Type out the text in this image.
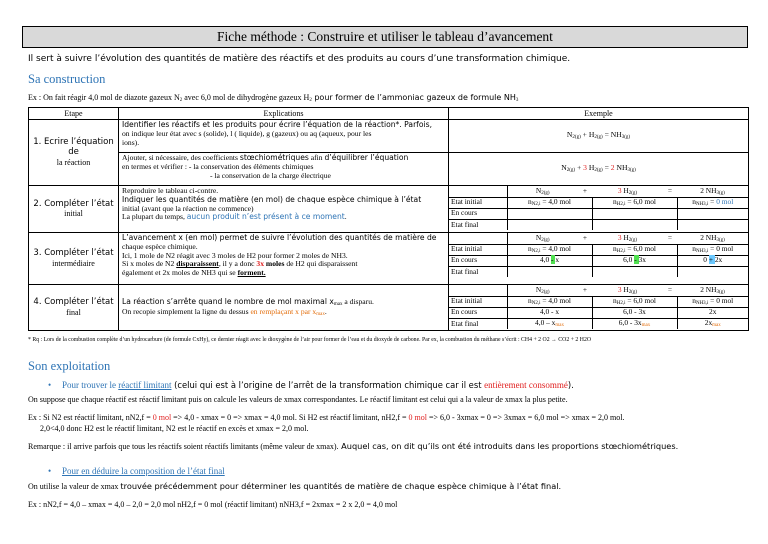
Fiche méthode : Construire et utiliser le tableau d’avancement
Il sert à suivre l’évolution des quantités de matière des réactifs et des produits au cours d’une transformation chimique.
Sa construction
Ex : On fait réagir 4,0 mol de diazote gazeux $N_2$ avec 6,0 mol de dihydrogène gazeux $H_2$ pour former de l’ammoniac gazeux de formule $NH_3$
Etape	Explications	Exemple

1. Ecrire l’équation de
la réaction	
Identifier les réactifs et les produits pour écrire l’équation de la réaction*. Parfois,
on indique leur état avec s (solide), l ( liquide), g (gazeux) ou aq (aqueux, pour les
ions).
	$N_{2(g)} + H_{2(g)} = NH_{3(g)}$

Ajouter, si nécessaire, des coefficients stœchiométriques afin d’équilibrer l’équation
en termes et vérifier : - la conservation des éléments chimiques
- la conservation de la charge électrique
	$N_{2(g)} + 3$ $H_{2(g)} = 2$ $NH_{3(g)}$

2. Compléter l’état
initial	
Reproduire le tableau ci-contre.
Indiquer les quantités de matière (en mol) de chaque espèce chimique à l’état
initial (avant que la réaction ne commence)
La plupart du temps, aucun produit n’est présent à ce moment.

	$N_{2(g)}$	+	3 $H_{2(g)}$	=	2 $NH_{3(g)}$
Etat initial	$n_{N2,i} = 4,0$ mol	$n_{H2,i} = 6,0$ mol	$n_{NH3,i} = 0$ mol
En cours			
Etat final			

3. Compléter l’état
intermédiaire	
L’avancement x (en mol) permet de suivre l’évolution des quantités de matière de
chaque espèce chimique.
Ici, 1 mole de N2 réagit avec 3 moles de H2 pour former 2 moles de NH3.
Si x moles de N2 disparaissent, il y a donc 3x moles de H2 qui disparaissent
également et 2x moles de NH3 qui se forment.

	$N_{2(g)}$	+	3 $H_{2(g)}$	=	2 $NH_{3(g)}$
Etat initial	$n_{N2,i} = 4,0$ mol	$n_{H2,i} = 6,0$ mol	$n_{NH3,i} = 0$ mol
En cours	4,0 - x	6,0 - 3x	0 + 2x
Etat final			

4. Compléter l’état
final	
La réaction s’arrête quand le nombre de mol maximal $x_{max}$ a disparu.
On recopie simplement la ligne du dessus en remplaçant x par $x_{max}$.

	$N_{2(g)}$	+	3 $H_{2(g)}$	=	2 $NH_{3(g)}$
Etat initial	$n_{N2,i} = 4,0$ mol	$n_{H2,i} = 6,0$ mol	$n_{NH3,i} = 0$ mol
En cours	4,0 - x	6,0 - 3x	2x
Etat final	$4,0 - x_{max}$	$6,0 - 3x_{max}$	$2x_{max}$
* Rq : Lors de la combustion complète d’un hydrocarbure (de formule CxHy), ce dernier réagit avec le dioxygène de l’air pour former de l’eau et du dioxyde de carbone. Par ex, la combustion du méthane s’écrit : CH4 + 2 O2 → CO2 + 2 H2O
Son exploitation
• Pour trouver le réactif limitant (celui qui est à l’origine de l’arrêt de la transformation chimique car il est entièrement consommé).
On suppose que chaque réactif est réactif limitant puis on calcule les valeurs de xmax correspondantes. Le réactif limitant est celui qui a la valeur de xmax la plus petite.
Ex : Si N2 est réactif limitant, nN2,f = 0 mol => 4,0 - xmax = 0 => xmax = 4,0 mol. Si H2 est réactif limitant, nH2,f = 0 mol => 6,0 - 3xmax = 0 => 3xmax = 6,0 mol => xmax = 2,0 mol.
2,0<4,0 donc H2 est le réactif limitant, N2 est le réactif en excès et xmax = 2,0 mol.
Remarque : il arrive parfois que tous les réactifs soient réactifs limitants (même valeur de xmax). Auquel cas, on dit qu’ils ont été introduits dans les proportions stœchiométriques.
• Pour en déduire la composition de l’état final
On utilise la valeur de xmax trouvée précédemment pour déterminer les quantités de matière de chaque espèce chimique à l’état final.
Ex : nN2,f = 4,0 – xmax = 4,0 – 2,0 = 2,0 mol nH2,f = 0 mol (réactif limitant) nNH3,f = 2xmax = 2 x 2,0 = 4,0 mol
